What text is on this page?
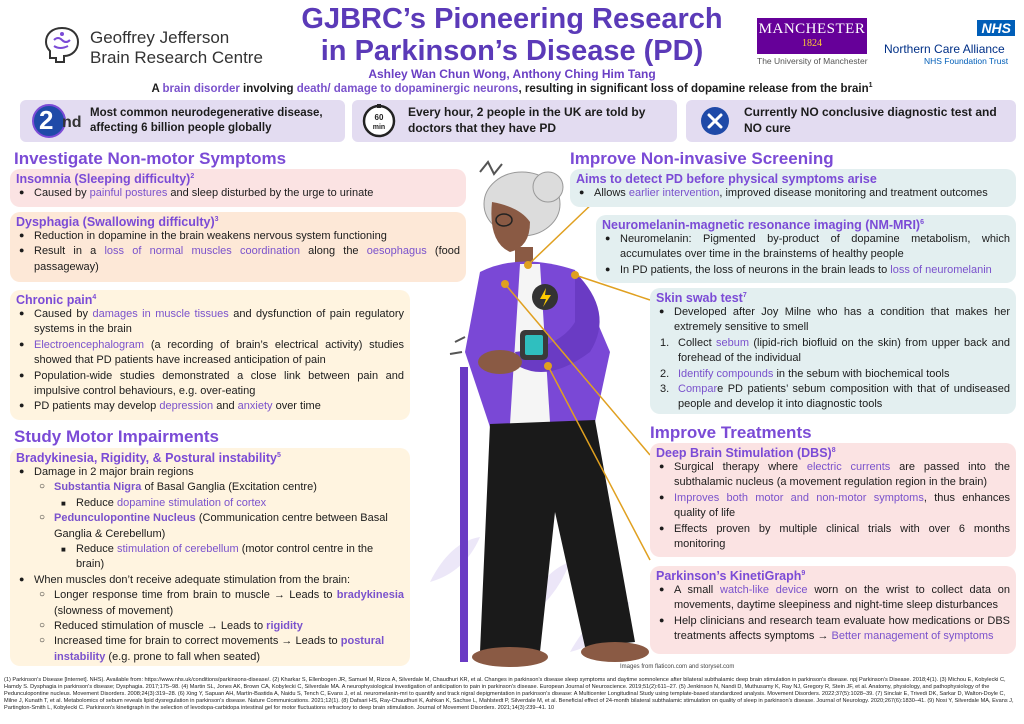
Geoffrey Jefferson
Brain Research Centre
GJBRC’s Pioneering Research
in Parkinson’s Disease (PD)
Ashley Wan Chun Wong, Anthony Ching Him Tang
MANCHESTER
1824
The University of Manchester
NHS
Northern Care Alliance
NHS Foundation Trust
A brain disorder involving death/ damage to dopaminergic neurons, resulting in significant loss of dopamine release from the brain$^1$
2 nd
Most common neurodegenerative disease, affecting 6 billion people globally
60
min
Every hour, 2 people in the UK are told by doctors that they have PD
Currently NO conclusive diagnostic test and NO cure
Investigate Non-motor Symptoms
Insomnia (Sleeping difficulty)$^2$
● Caused by painful postures and sleep disturbed by the urge to urinate
Dysphagia (Swallowing difficulty)$^3$
● Reduction in dopamine in the brain weakens nervous system functioning
● Result in a loss of normal muscles coordination along the oesophagus (food passageway)
Chronic pain$^4$
● Caused by damages in muscle tissues and dysfunction of pain regulatory systems in the brain
● Electroencephalogram (a recording of brain’s electrical activity) studies showed that PD patients have increased anticipation of pain
● Population-wide studies demonstrated a close link between pain and impulsive control behaviours, e.g. over-eating
● PD patients may develop depression and anxiety over time
Study Motor Impairments
Bradykinesia, Rigidity, & Postural instability$^5$
● Damage in 2 major brain regions
○ Substantia Nigra of Basal Ganglia (Excitation centre)
■ Reduce dopamine stimulation of cortex
○ Pedunculopontine Nucleus (Communication centre between Basal Ganglia & Cerebellum)
■ Reduce stimulation of cerebellum (motor control centre in the brain)
● When muscles don’t receive adequate stimulation from the brain:
○ Longer response time from brain to muscle → Leads to bradykinesia (slowness of movement)
○ Reduced stimulation of muscle → Leads to rigidity
○ Increased time for brain to correct movements → Leads to postural instability (e.g. prone to fall when seated)
Improve Non-invasive Screening
Aims to detect PD before physical symptoms arise
● Allows earlier intervention, improved disease monitoring and treatment outcomes
Neuromelanin-magnetic resonance imaging $(NM-MRI)^6$
● Neuromelanin: Pigmented by-product of dopamine metabolism, which accumulates over time in the brainstems of healthy people
● In PD patients, the loss of neurons in the brain leads to loss of neuromelanin
Skin swab test$^7$
● Developed after Joy Milne who has a condition that makes her extremely sensitive to smell
1. Collect sebum (lipid-rich biofluid on the skin) from upper back and forehead of the individual
2. Identify compounds in the sebum with biochemical tools
3. Compare PD patients’ sebum composition with that of undiseased people and develop it into diagnostic tools
Improve Treatments
Deep Brain Stimulation (DBS)$^8$
● Surgical therapy where electric currents are passed into the subthalamic nucleus (a movement regulation region in the brain)
● Improves both motor and non-motor symptoms, thus enhances quality of life
● Effects proven by multiple clinical trials with over 6 months monitoring
Parkinson’s KinetiGraph$^9$
● A small watch-like device worn on the wrist to collect data on movements, daytime sleepiness and night-time sleep disturbances
● Help clinicians and research team evaluate how medications or DBS treatments affects symptoms → Better management of symptoms
Images from flaticon.com and storyset.com
(1) Parkinson's Disease [Internet]. NHS). Available from: https://www.nhs.uk/conditions/parkinsons-disease/. (2) Kharkar S, Ellenbogen JR, Samuel M, Rizos A, Silverdale M, Chaudhuri KR, et al. Changes in parkinson's disease sleep symptoms and daytime somnolence after bilateral subthalamic deep brain stimulation in parkinson's disease. npj Parkinson's Disease. 2018;4(1). (3) Michou E, Kobylecki C, Hamdy S. Dysphagia in parkinson's disease; Dysphagia. 2017;175–98. (4) Martin SL, Jones AK, Brown CA, Kobylecki C, Silverdale MA. A neurophysiological investigation of anticipation to pain in parkinson's disease. European Journal of Neuroscience. 2019;51(2):611–27. (5) Jenkinson N, Nandi D, Muthusamy K, Ray NJ, Gregory R, Stein JF, et al. Anatomy, physiology, and pathophysiology of the Pedunculopontine nucleus. Movement Disorders. 2008;24(3):319–28. (6) Xing Y, Sapuan AH, Martín-Bastida A, Naidu S, Tench C, Evans J, et al. neuromelanin-mri to quantify and track nigral depigmentation in parkinson's disease: A Multicenter Longitudinal Study using template-based standardized analysis. Movement Disorders. 2022;37(5):1028–39. (7) Sinclair E, Trivedi DK, Sarkar D, Walton-Doyle C, Milne J, Kunath T, et al. Metabolomics of sebum reveals lipid dysregulation in parkinson's disease. Nature Communications. 2021;12(1). (8) Dafsari HS, Ray-Chaudhuri K, Ashkan K, Sachse L, Mahlstedt P, Silverdale M, et al. Beneficial effect of 24-month bilateral subthalamic stimulation on quality of sleep in parkinson's disease. Journal of Neurology. 2020;267(6):1830–41. (9) Nosi Y, Silverdale MA, Evans J, Partington-Smith L, Kobylecki C. Parkinson's kinetigraph in the selection of levodopa-carbidopa intestinal gel for motor fluctuations refractory to deep brain stimulation. Journal of Movement Disorders. 2021;14(3):239–41. 10
